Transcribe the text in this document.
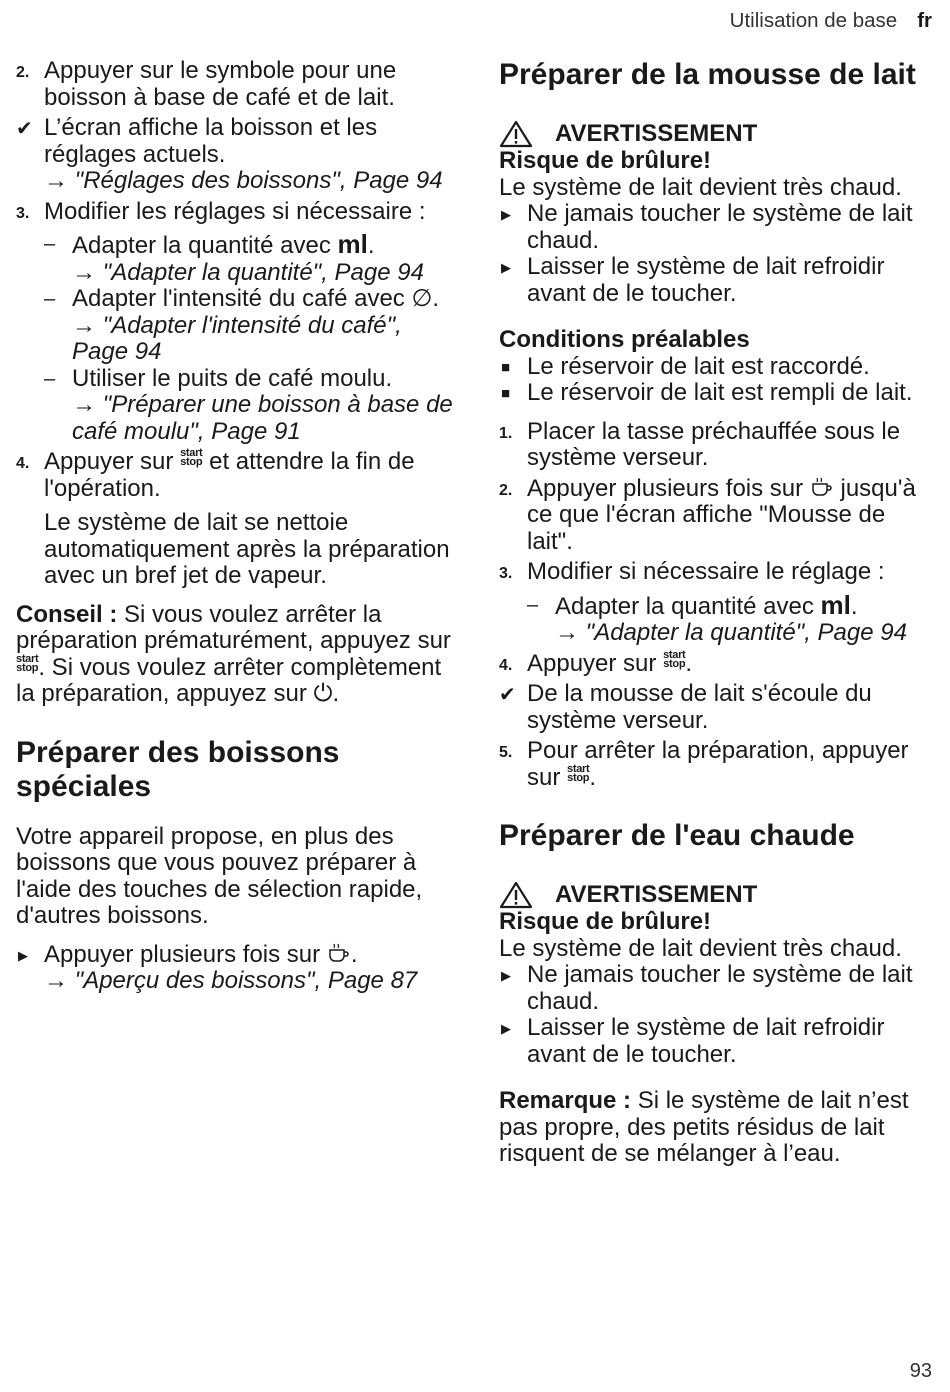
Utilisation de base fr
2. Appuyer sur le symbole pour une boisson à base de café et de lait.
✔ L’écran affiche la boisson et les réglages actuels.
→ "Réglages des boissons", Page 94
3. Modifier les réglages si nécessaire :
– Adapter la quantité avec ml.
→ "Adapter la quantité", Page 94
– Adapter l'intensité du café avec ∅.
→ "Adapter l'intensité du café", Page 94
– Utiliser le puits de café moulu.
→ "Préparer une boisson à base de café moulu", Page 91
4. Appuyer sur start
stop et attendre la fin de l'opération.
Le système de lait se nettoie automatiquement après la préparation avec un bref jet de vapeur.
Conseil : Si vous voulez arrêter la préparation prématurément, appuyez sur start
stop. Si vous voulez arrêter complètement la préparation, appuyez sur ⏻.
Préparer des boissons spéciales
Votre appareil propose, en plus des boissons que vous pouvez préparer à l'aide des touches de sélection rapide, d'autres boissons.
▶ Appuyer plusieurs fois sur .
→ "Aperçu des boissons", Page 87
Préparer de la mousse de lait
AVERTISSEMENT
Risque de brûlure!
Le système de lait devient très chaud.
▶ Ne jamais toucher le système de lait chaud.
▶ Laisser le système de lait refroidir avant de le toucher.
Conditions préalables
■ Le réservoir de lait est raccordé.
■ Le réservoir de lait est rempli de lait.
1. Placer la tasse préchauffée sous le système verseur.
2. Appuyer plusieurs fois sur jusqu'à ce que l'écran affiche "Mousse de lait".
3. Modifier si nécessaire le réglage :
– Adapter la quantité avec ml.
→ "Adapter la quantité", Page 94
4. Appuyer sur start
stop.
✔ De la mousse de lait s'écoule du système verseur.
5. Pour arrêter la préparation, appuyer sur start
stop.
Préparer de l'eau chaude
AVERTISSEMENT
Risque de brûlure!
Le système de lait devient très chaud.
▶ Ne jamais toucher le système de lait chaud.
▶ Laisser le système de lait refroidir avant de le toucher.
Remarque : Si le système de lait n’est pas propre, des petits résidus de lait risquent de se mélanger à l’eau.
93
